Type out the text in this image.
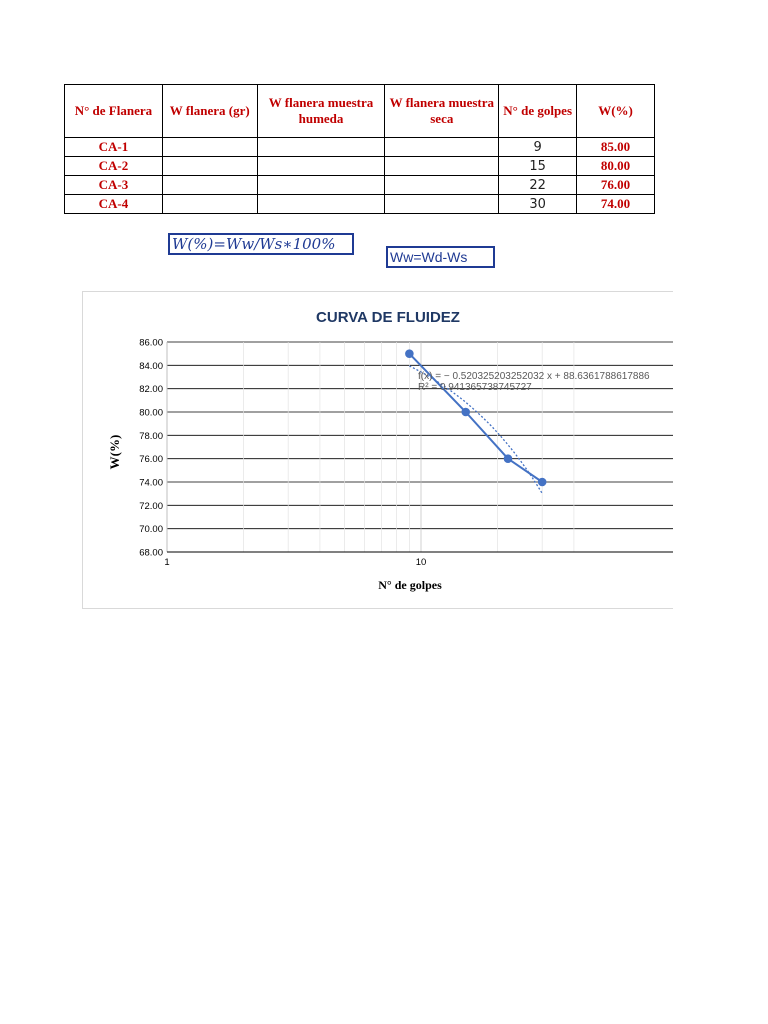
N° de Flanera	W flanera (gr)	W flanera muestra humeda	W flanera muestra seca	N° de golpes	W(%)
CA-1				9	85.00
CA-2				15	80.00
CA-3				22	76.00
CA-4				30	74.00
W(%)=Ww/Ws∗100%
Ww=Wd-Ws
68.00
70.00
72.00
74.00
76.00
78.00
80.00
82.00
84.00
86.00
1	10
CURVA DE FLUIDEZ
N° de golpes
W(%)
f(x) = − 0.520325203252032 x + 88.6361788617886
R² = 0.941365738745727
